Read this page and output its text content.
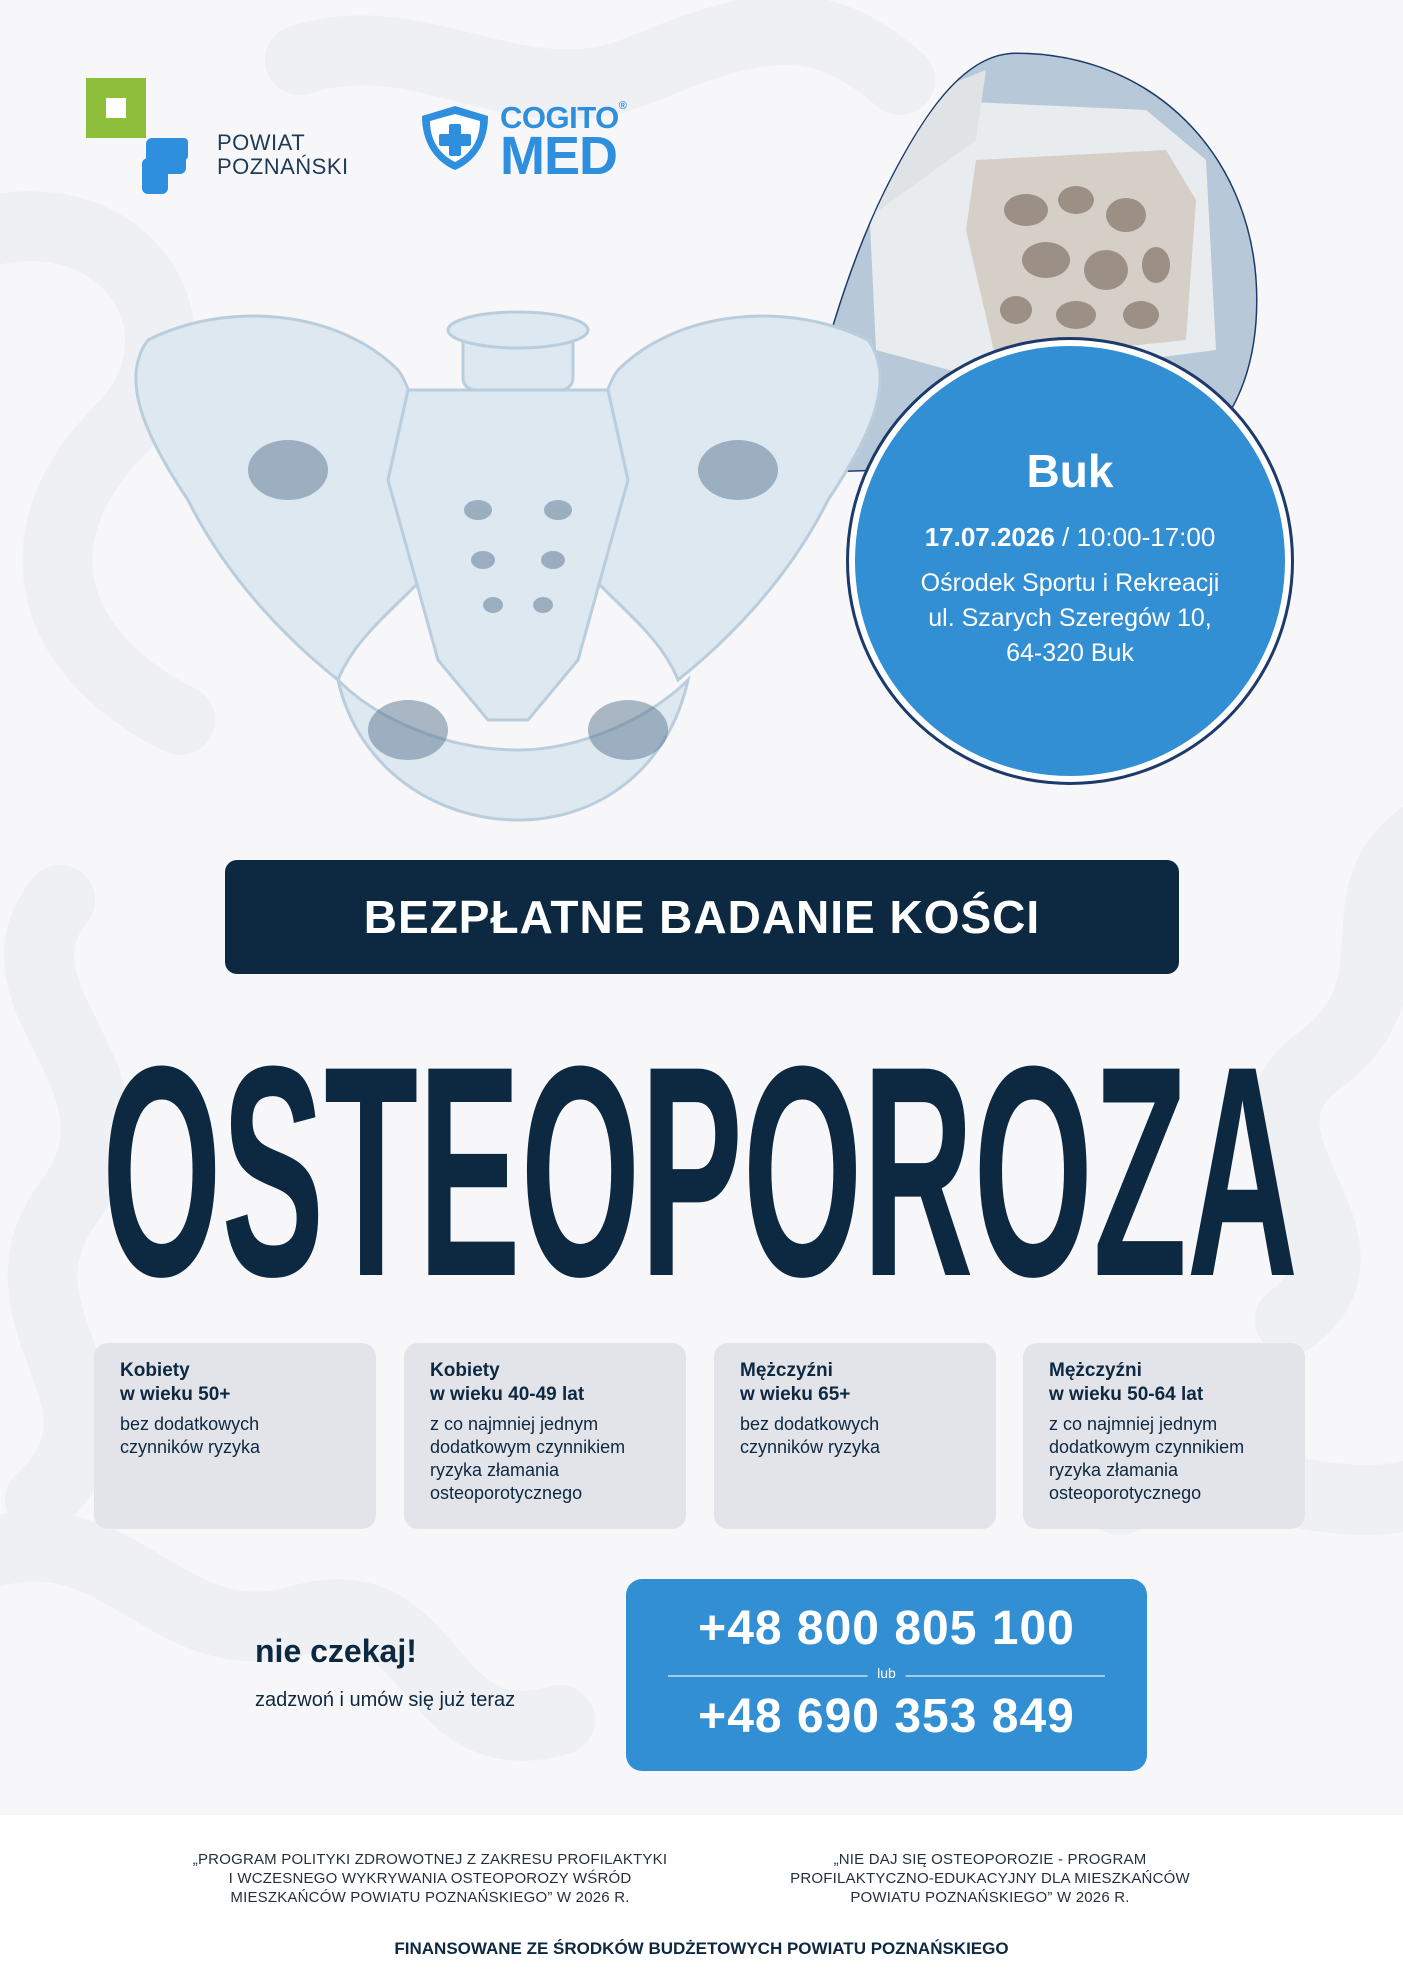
POWIAT
POZNAŃSKI
COGITO®
MED
Buk
17.07.2026 / 10:00-17:00
Ośrodek Sportu i Rekreacji
ul. Szarych Szeregów 10,
64-320 Buk
BEZPŁATNE BADANIE KOŚCI
OSTEOPOROZA
Kobiety
w wieku 50+
bez dodatkowych
czynników ryzyka
Kobiety
w wieku 40-49 lat
z co najmniej jednym
dodatkowym czynnikiem
ryzyka złamania
osteoporotycznego
Mężczyźni
w wieku 65+
bez dodatkowych
czynników ryzyka
Mężczyźni
w wieku 50-64 lat
z co najmniej jednym
dodatkowym czynnikiem
ryzyka złamania
osteoporotycznego
nie czekaj!
zadzwoń i umów się już teraz
+48 800 805 100
lub
+48 690 353 849
„PROGRAM POLITYKI ZDROWOTNEJ Z ZAKRESU PROFILAKTYKI
I WCZESNEGO WYKRYWANIA OSTEOPOROZY WŚRÓD
MIESZKAŃCÓW POWIATU POZNAŃSKIEGO” W 2026 R.
„NIE DAJ SIĘ OSTEOPOROZIE - PROGRAM
PROFILAKTYCZNO-EDUKACYJNY DLA MIESZKAŃCÓW
POWIATU POZNAŃSKIEGO” W 2026 R.
FINANSOWANE ZE ŚRODKÓW BUDŻETOWYCH POWIATU POZNAŃSKIEGO
